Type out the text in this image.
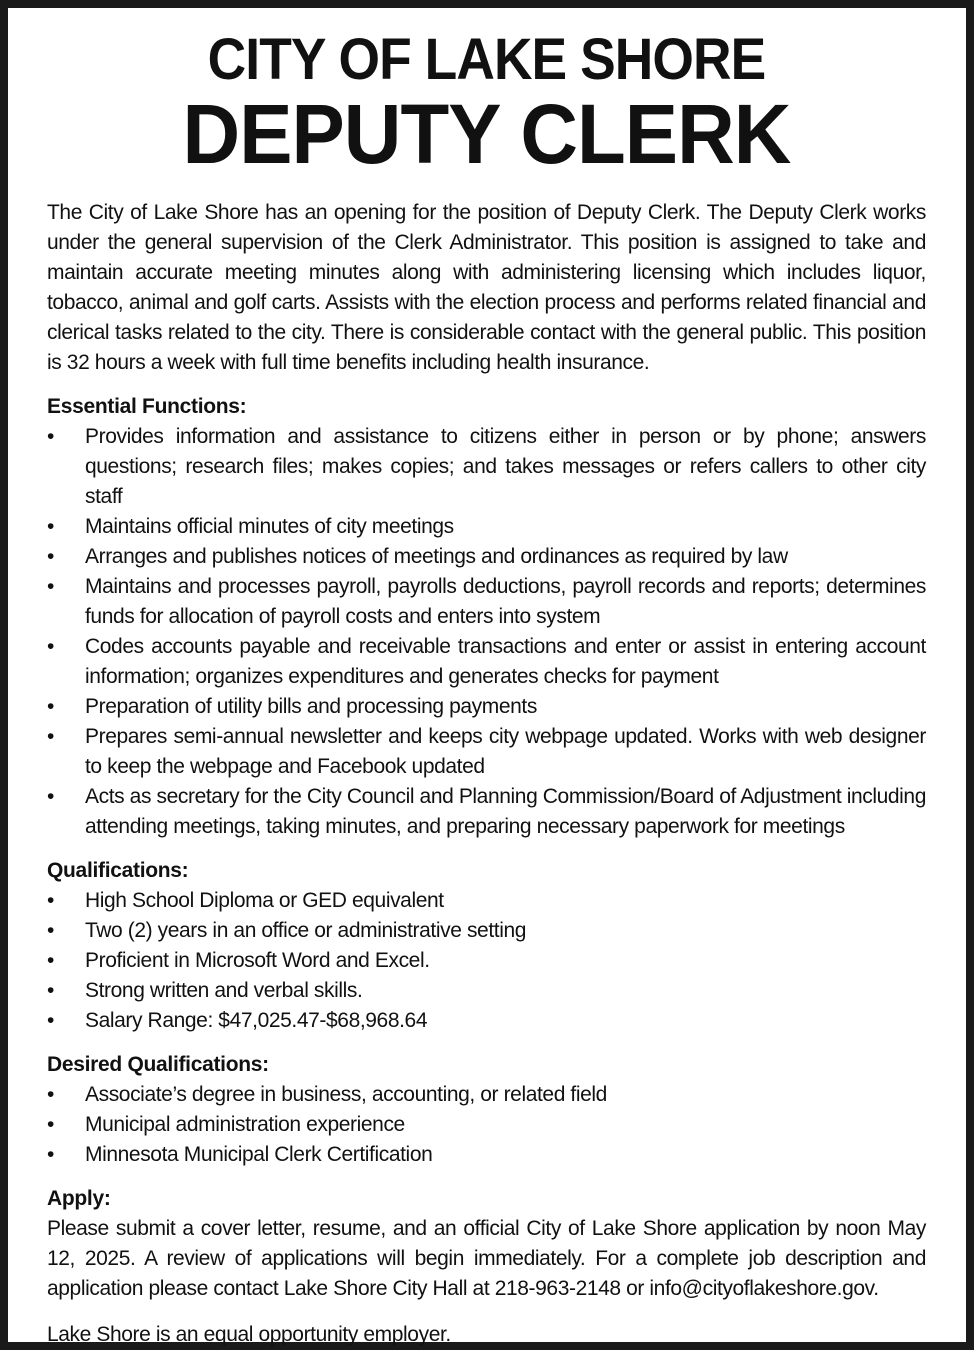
CITY OF LAKE SHORE
DEPUTY CLERK

The City of Lake Shore has an opening for the position of Deputy Clerk. The Deputy Clerk works under the general supervision of the Clerk Administrator. This position is assigned to take and maintain accurate meeting minutes along with administering licensing which includes liquor, tobacco, animal and golf carts. Assists with the election process and performs related financial and clerical tasks related to the city. There is considerable contact with the general public. This position is 32 hours a week with full time benefits including health insurance.

Essential Functions:
•	Provides information and assistance to citizens either in person or by phone; answers questions; research files; makes copies; and takes messages or refers callers to other city staff
•	Maintains official minutes of city meetings
•	Arranges and publishes notices of meetings and ordinances as required by law
•	Maintains and processes payroll, payrolls deductions, payroll records and reports; determines funds for allocation of payroll costs and enters into system
•	Codes accounts payable and receivable transactions and enter or assist in entering account information; organizes expenditures and generates checks for payment
•	Preparation of utility bills and processing payments
•	Prepares semi-annual newsletter and keeps city webpage updated. Works with web designer to keep the webpage and Facebook updated
•	Acts as secretary for the City Council and Planning Commission/Board of Adjustment including attending meetings, taking minutes, and preparing necessary paperwork for meetings
Qualifications:
•	High School Diploma or GED equivalent
•	Two (2) years in an office or administrative setting
•	Proficient in Microsoft Word and Excel.
•	Strong written and verbal skills.
•	Salary Range: $47,025.47-$68,968.64
Desired Qualifications:
•	Associate’s degree in business, accounting, or related field
•	Municipal administration experience
•	Minnesota Municipal Clerk Certification
Apply:

Please submit a cover letter, resume, and an official City of Lake Shore application by noon May 12, 2025. A review of applications will begin immediately. For a complete job description and application please contact Lake Shore City Hall at 218-963-2148 or info@cityoflakeshore.gov.

Lake Shore is an equal opportunity employer.
